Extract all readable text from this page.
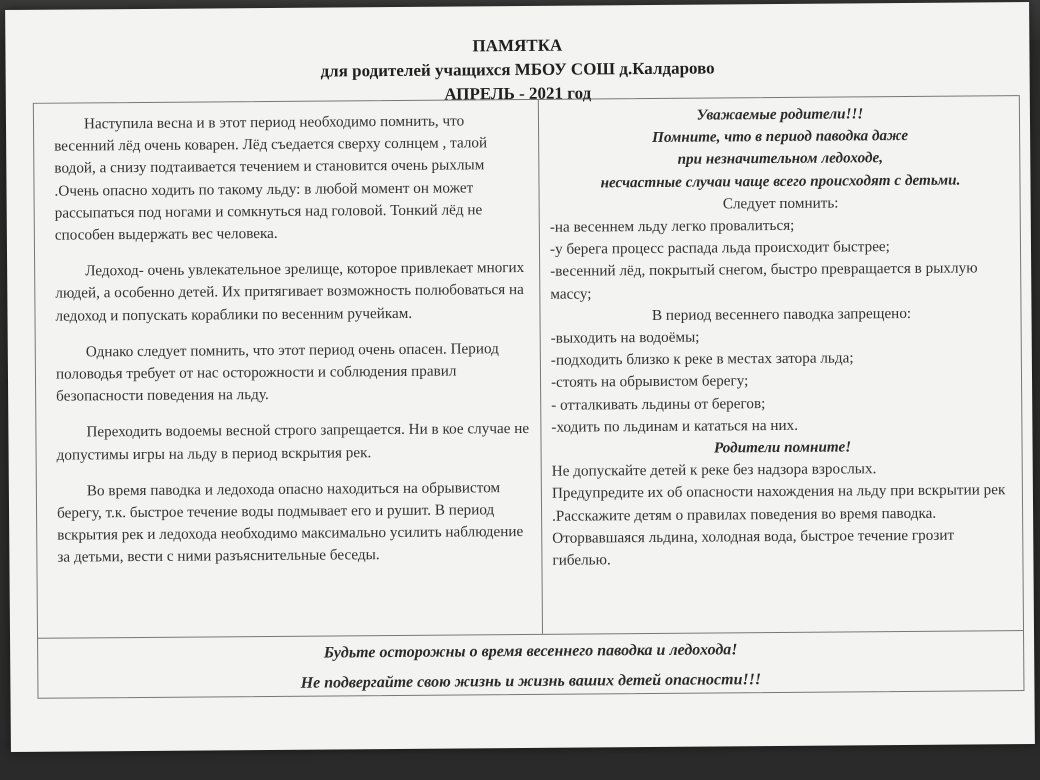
ПАМЯТКА
для родителей учащихся МБОУ СОШ д.Калдарово
АПРЕЛЬ - 2021 год

Наступила весна и в этот период необходимо помнить, что весенний лёд очень коварен. Лёд съедается сверху солнцем , талой водой, а снизу подтаивается течением и становится очень рыхлым .Очень опасно ходить по такому льду: в любой момент он может рассыпаться под ногами и сомкнуться над головой. Тонкий лёд не способен выдержать вес человека.

Ледоход- очень увлекательное зрелище, которое привлекает многих людей, а особенно детей. Их притягивает возможность полюбоваться на ледоход и попускать кораблики по весенним ручейкам.

Однако следует помнить, что этот период очень опасен. Период половодья требует от нас осторожности и соблюдения правил безопасности поведения на льду.

Переходить водоемы весной строго запрещается. Ни в кое случае не допустимы игры на льду в период вскрытия рек.

Во время паводка и ледохода опасно находиться на обрывистом берегу, т.к. быстрое течение воды подмывает его и рушит. В период вскрытия рек и ледохода необходимо максимально усилить наблюдение за детьми, вести с ними разъяснительные беседы.

Уважаемые родители!!!
Помните, что в период паводка даже
при незначительном ледоходе,
несчастные случаи чаще всего происходят с детьми.
Следует помнить:
-на весеннем льду легко провалиться;
-у берега процесс распада льда происходит быстрее;
-весенний лёд, покрытый снегом, быстро превращается в рыхлую массу;
В период весеннего паводка запрещено:
-выходить на водоёмы;
-подходить близко к реке в местах затора льда;
-стоять на обрывистом берегу;
- отталкивать льдины от берегов;
-ходить по льдинам и кататься на них.
Родители помните!
Не допускайте детей к реке без надзора взрослых.
Предупредите их об опасности нахождения на льду при вскрытии рек .Расскажите детям о правилах поведения во время паводка.
Оторвавшаяся льдина, холодная вода, быстрое течение грозит гибелью.
Будьте осторожны о время весеннего паводка и ледохода!
Не подвергайте свою жизнь и жизнь ваших детей опасности!!!
